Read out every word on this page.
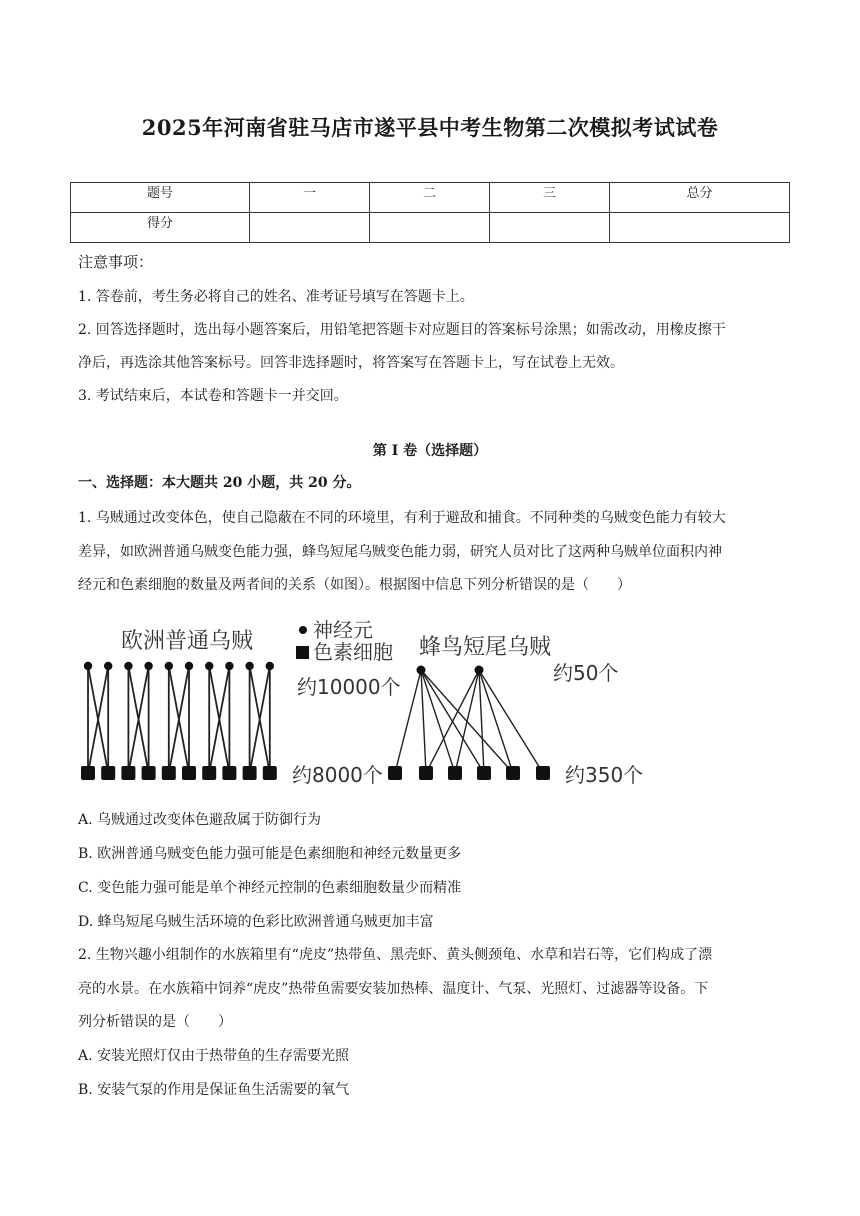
2025年河南省驻马店市遂平县中考生物第二次模拟考试试卷
题号	一	二	三	总分
得分				
注意事项：
1. 答卷前，考生务必将自己的姓名、准考证号填写在答题卡上。
2. 回答选择题时，选出每小题答案后，用铅笔把答题卡对应题目的答案标号涂黑；如需改动，用橡皮擦干
净后，再选涂其他答案标号。回答非选择题时，将答案写在答题卡上，写在试卷上无效。
3. 考试结束后，本试卷和答题卡一并交回。
第 I 卷（选择题）
一、选择题：本大题共 20 小题，共 20 分。
1. 乌贼通过改变体色，使自己隐蔽在不同的环境里，有利于避敌和捕食。不同种类的乌贼变色能力有较大
差异，如欧洲普通乌贼变色能力强，蜂鸟短尾乌贼变色能力弱，研究人员对比了这两种乌贼单位面积内神
经元和色素细胞的数量及两者间的关系（如图）。根据图中信息下列分析错误的是（　　）
欧洲普通乌贼	神经元
色素细胞 蜂鸟短尾乌贼
约10000个
约50个
约8000个	约350个
A. 乌贼通过改变体色避敌属于防御行为
B. 欧洲普通乌贼变色能力强可能是色素细胞和神经元数量更多
C. 变色能力强可能是单个神经元控制的色素细胞数量少而精准
D. 蜂鸟短尾乌贼生活环境的色彩比欧洲普通乌贼更加丰富
2. 生物兴趣小组制作的水族箱里有“虎皮”热带鱼、黑壳虾、黄头侧颈龟、水草和岩石等，它们构成了漂
亮的水景。在水族箱中饲养“虎皮”热带鱼需要安装加热棒、温度计、气泵、光照灯、过滤器等设备。下
列分析错误的是（　　）
A. 安装光照灯仅由于热带鱼的生存需要光照
B. 安装气泵的作用是保证鱼生活需要的氧气
